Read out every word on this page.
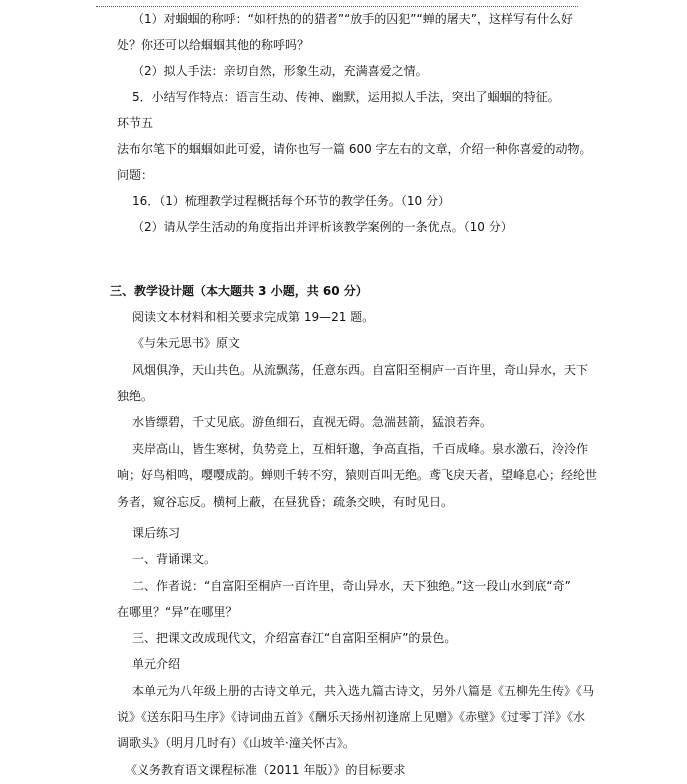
（1）对蝈蝈的称呼：“如杆热的的猎者”“放手的囚犯”“蝉的屠夫”，这样写有什么好
处？你还可以给蝈蝈其他的称呼吗？
（2）拟人手法：亲切自然，形象生动，充满喜爱之情。
5．小结写作特点：语言生动、传神、幽默，运用拟人手法，突出了蝈蝈的特征。
环节五
法布尔笔下的蝈蝈如此可爱，请你也写一篇 600 字左右的文章，介绍一种你喜爱的动物。
问题：
16．（1）梳理教学过程概括每个环节的教学任务。（10 分）
（2）请从学生活动的角度指出并评析该教学案例的一条优点。（10 分）
三、教学设计题（本大题共 3 小题，共 60 分）
阅读文本材料和相关要求完成第 19—21 题。
《与朱元思书》原文
风烟俱净，天山共色。从流飘荡，任意东西。自富阳至桐庐一百许里，奇山异水，天下
独绝。
水皆缥碧，千丈见底。游鱼细石，直视无碍。急湍甚箭，猛浪若奔。
夹岸高山，皆生寒树，负势竞上，互相轩邈，争高直指，千百成峰。泉水激石，泠泠作
响；好鸟相鸣，嘤嘤成韵。蝉则千转不穷，猿则百叫无绝。鸢飞戾天者，望峰息心；经纶世
务者，窥谷忘反。横柯上蔽，在昼犹昏；疏条交映，有时见日。
课后练习
一、背诵课文。
二、作者说：“自富阳至桐庐一百许里，奇山异水，天下独绝。”这一段山水到底“奇”
在哪里？“异”在哪里？
三、把课文改成现代文，介绍富春江“自富阳至桐庐”的景色。
单元介绍
本单元为八年级上册的古诗文单元，共入选九篇古诗文，另外八篇是《五柳先生传》《马
说》《送东阳马生序》《诗词曲五首》《酬乐天扬州初逢席上见赠》《赤壁》《过零丁洋》《水
调歌头》（明月几时有）《山坡羊·潼关怀古》。
《义务教育语文课程标准（2011 年版）》的目标要求
